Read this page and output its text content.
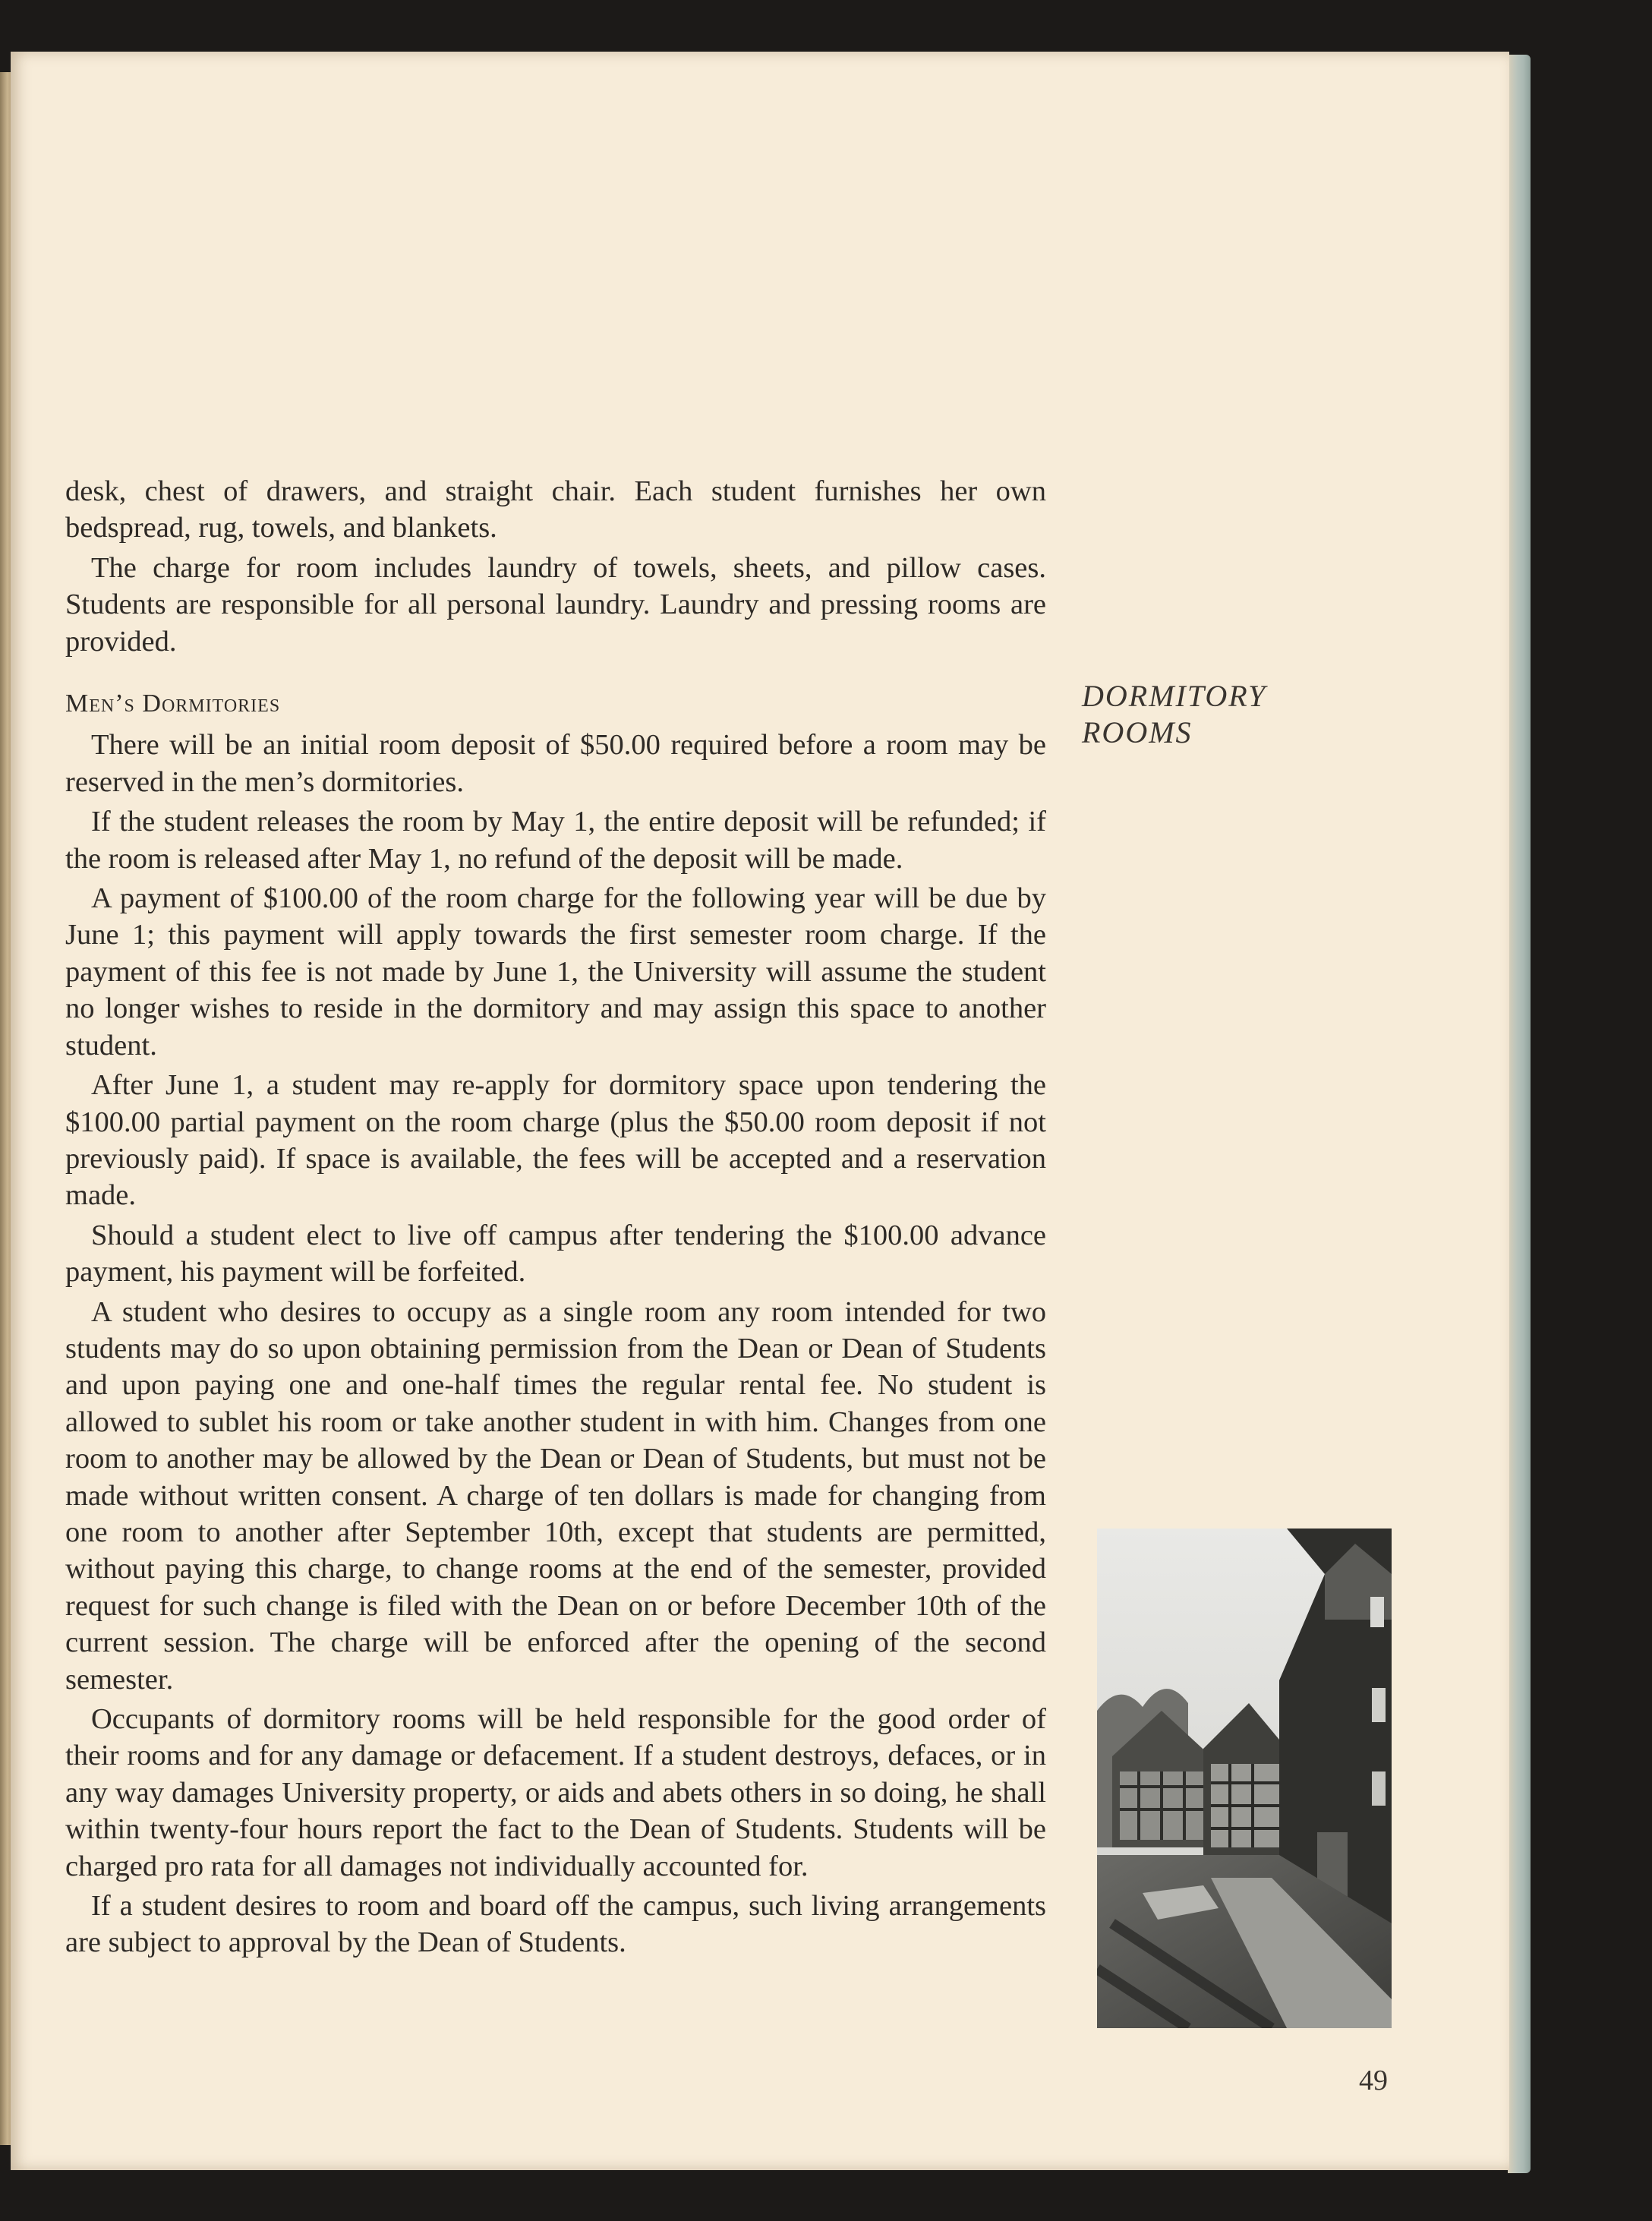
desk, chest of drawers, and straight chair. Each student furnishes her own bedspread, rug, towels, and blankets.

The charge for room includes laundry of towels, sheets, and pillow cases. Students are responsible for all personal laundry. Laundry and pressing rooms are provided.

Men’s Dormitories

There will be an initial room deposit of $50.00 required before a room may be reserved in the men’s dormitories.

If the student releases the room by May 1, the entire deposit will be refunded; if the room is released after May 1, no refund of the deposit will be made.

A payment of $100.00 of the room charge for the following year will be due by June 1; this payment will apply towards the first semester room charge. If the payment of this fee is not made by June 1, the University will assume the student no longer wishes to reside in the dormitory and may assign this space to another student.

After June 1, a student may re-apply for dormitory space upon tendering the $100.00 partial payment on the room charge (plus the $50.00 room deposit if not previously paid). If space is available, the fees will be accepted and a reservation made.

Should a student elect to live off campus after tendering the $100.00 advance payment, his payment will be forfeited.

A student who desires to occupy as a single room any room intended for two students may do so upon obtaining permission from the Dean or Dean of Students and upon paying one and one-half times the regular rental fee. No student is allowed to sublet his room or take another student in with him. Changes from one room to another may be allowed by the Dean or Dean of Students, but must not be made without written consent. A charge of ten dollars is made for changing from one room to another after September 10th, except that students are permitted, without paying this charge, to change rooms at the end of the semester, provided request for such change is filed with the Dean on or before December 10th of the current session. The charge will be enforced after the opening of the second semester.

Occupants of dormitory rooms will be held responsible for the good order of their rooms and for any damage or defacement. If a student destroys, defaces, or in any way damages University property, or aids and abets others in so doing, he shall within twenty-four hours report the fact to the Dean of Students. Students will be charged pro rata for all damages not individually accounted for.

If a student desires to room and board off the campus, such living arrangements are subject to approval by the Dean of Students.

DORMITORY
ROOMS
49
